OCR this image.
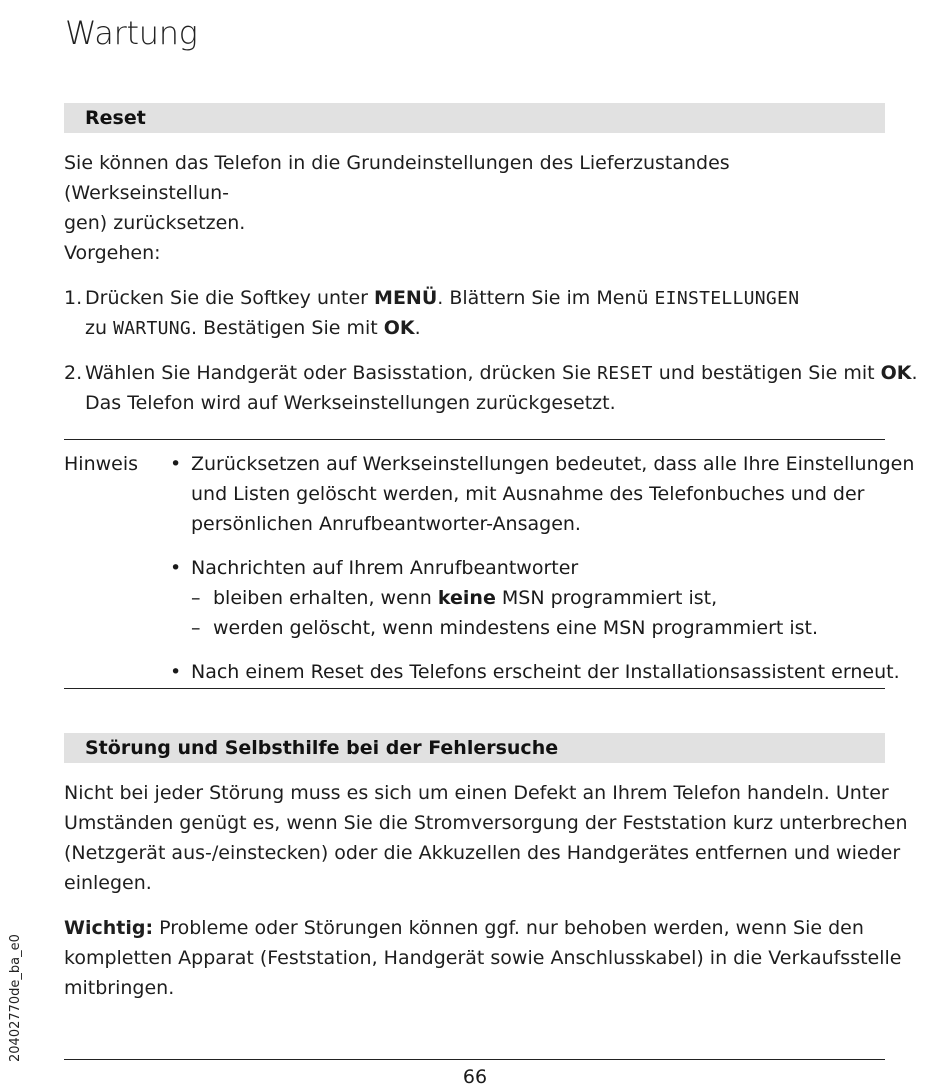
Wartung
Reset
Sie können das Telefon in die Grundeinstellungen des Lieferzustandes (Werkseinstellun-
gen) zurücksetzen.
Vorgehen:
1. Drücken Sie die Softkey unter MENÜ. Blättern Sie im Menü EINSTELLUNGEN
zu WARTUNG. Bestätigen Sie mit OK.
2. Wählen Sie Handgerät oder Basisstation, drücken Sie RESET und bestätigen Sie mit OK.
Das Telefon wird auf Werkseinstellungen zurückgesetzt.
Hinweis • Zurücksetzen auf Werkseinstellungen bedeutet, dass alle Ihre Einstellungen
und Listen gelöscht werden, mit Ausnahme des Telefonbuches und der
persönlichen Anrufbeantworter-Ansagen.
• Nachrichten auf Ihrem Anrufbeantworter
– bleiben erhalten, wenn keine MSN programmiert ist,
– werden gelöscht, wenn mindestens eine MSN programmiert ist.
• Nach einem Reset des Telefons erscheint der Installationsassistent erneut.
Störung und Selbsthilfe bei der Fehlersuche
Nicht bei jeder Störung muss es sich um einen Defekt an Ihrem Telefon handeln. Unter
Umständen genügt es, wenn Sie die Stromversorgung der Feststation kurz unterbrechen
(Netzgerät aus-/einstecken) oder die Akkuzellen des Handgerätes entfernen und wieder
einlegen.
Wichtig: Probleme oder Störungen können ggf. nur behoben werden, wenn Sie den
kompletten Apparat (Feststation, Handgerät sowie Anschlusskabel) in die Verkaufsstelle
mitbringen.
20402770de_ba_e0
66
